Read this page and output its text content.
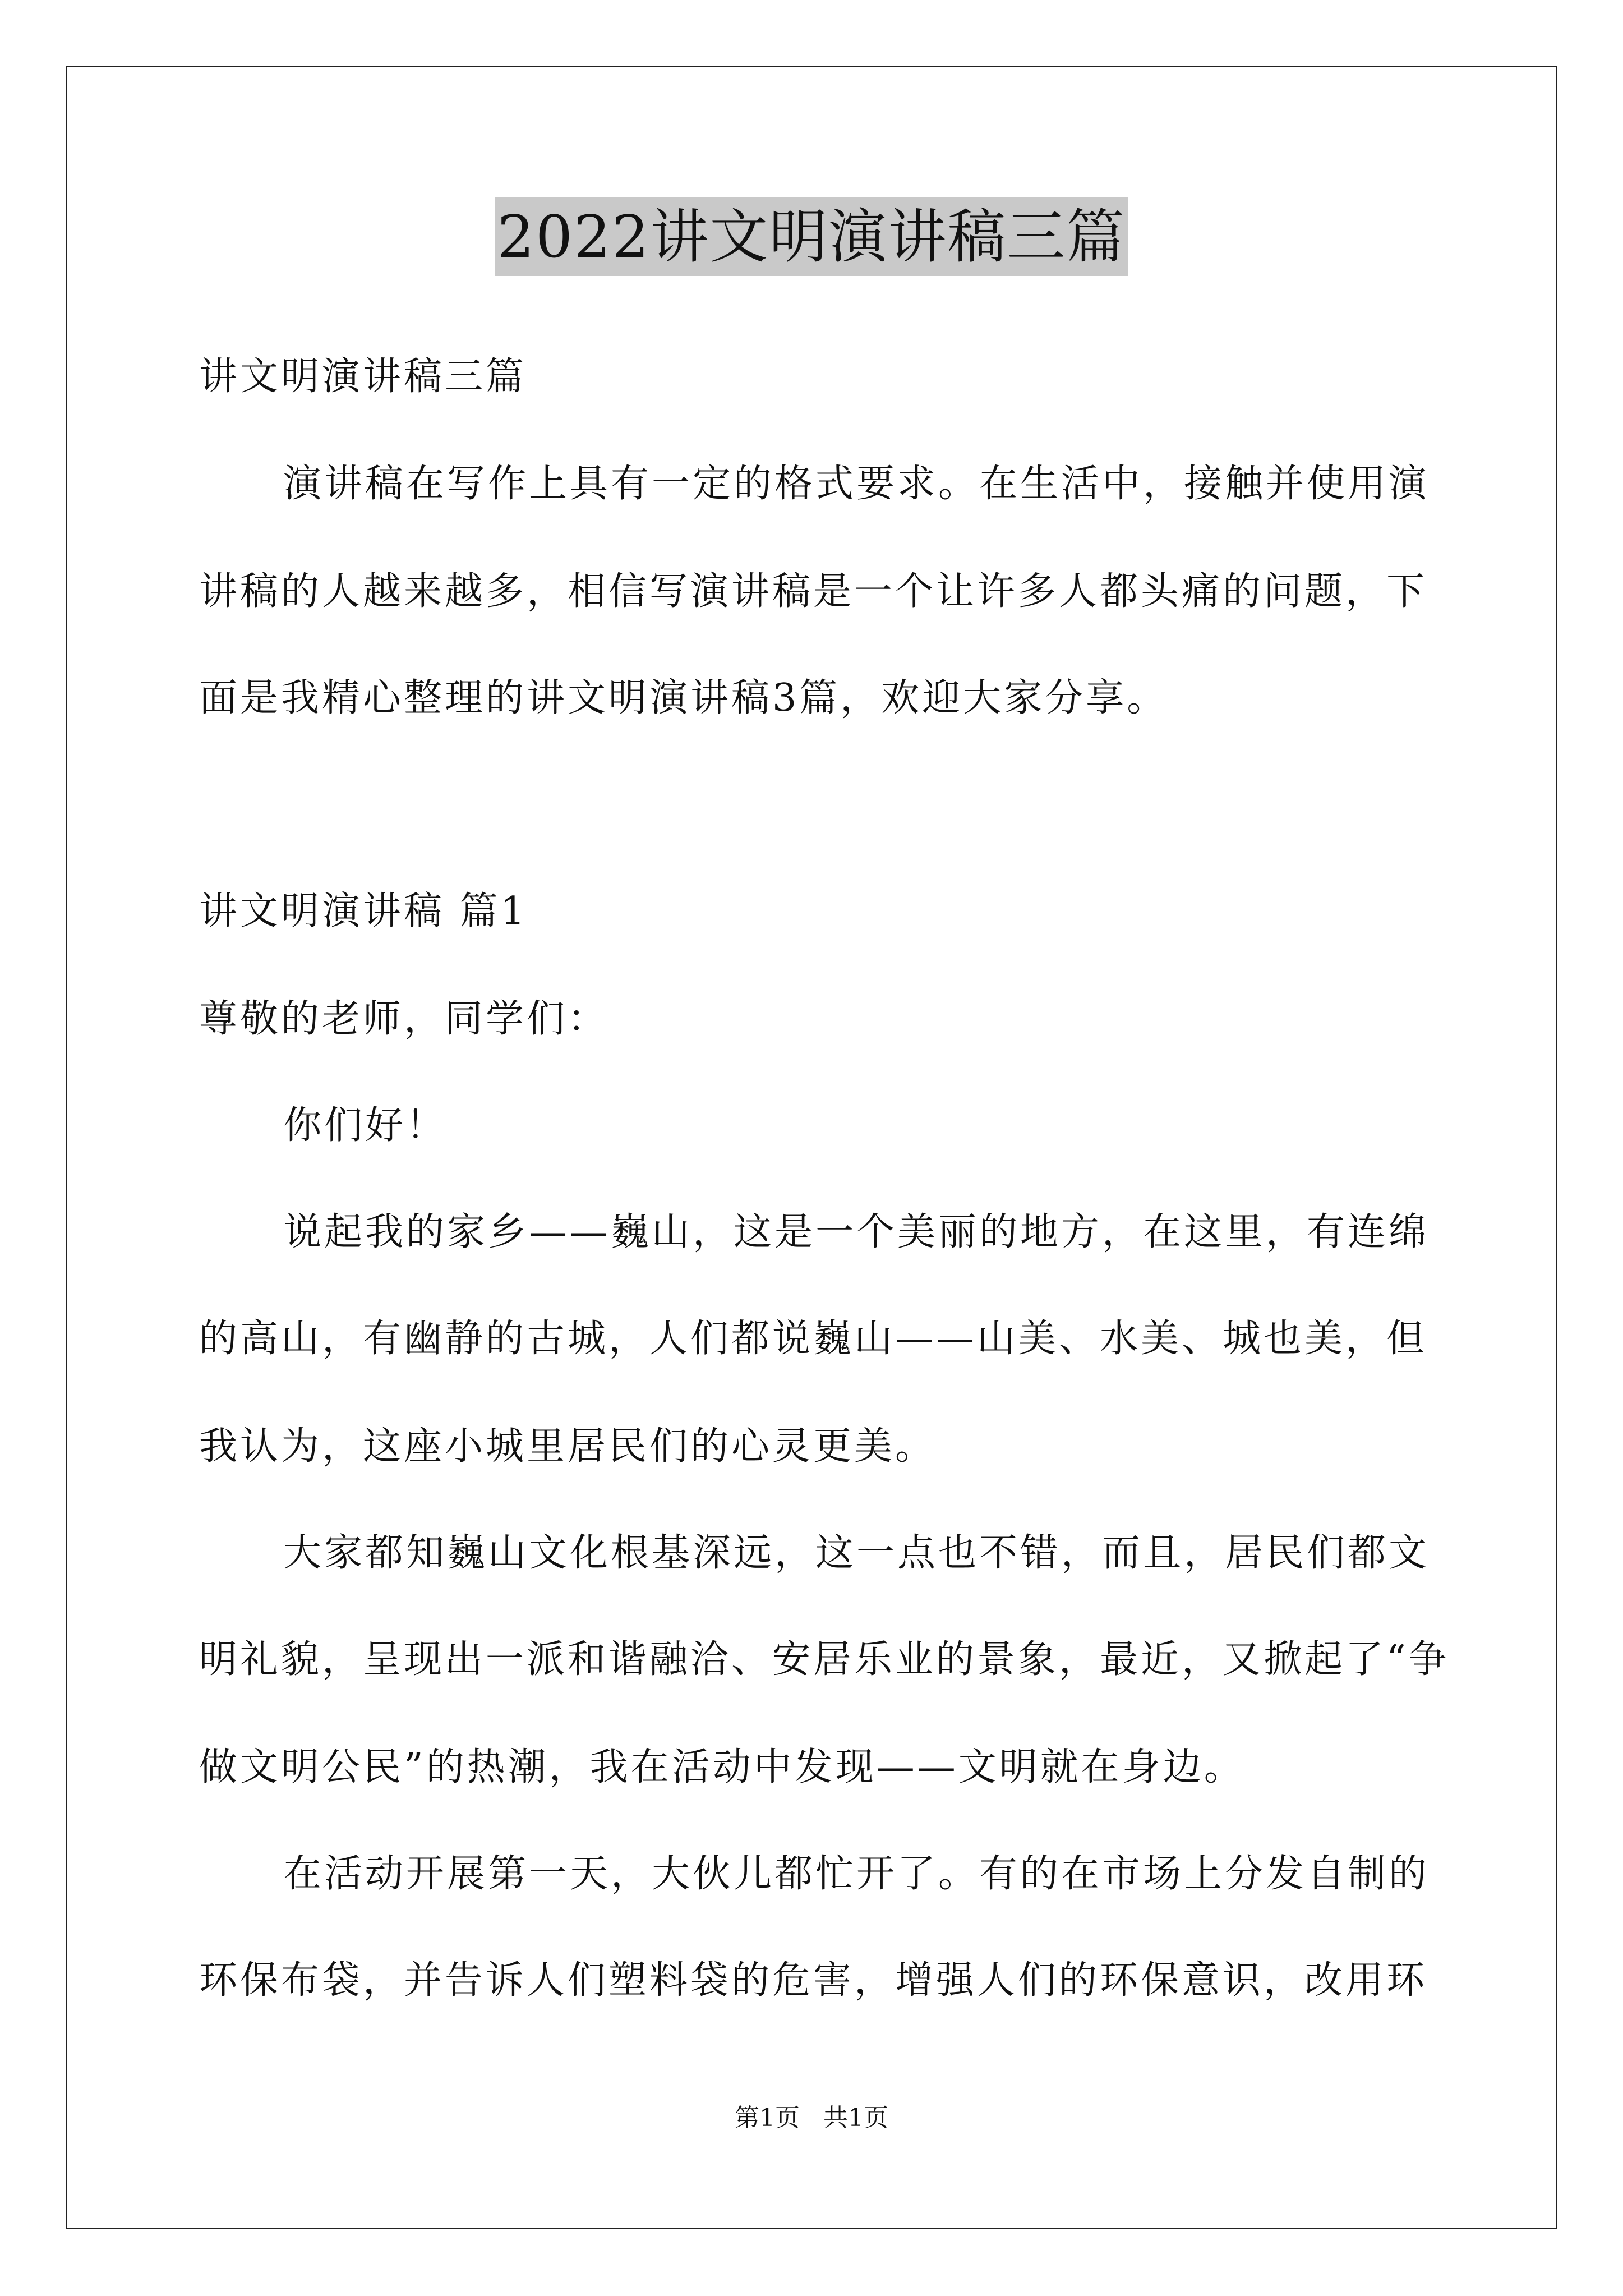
2022讲文明演讲稿三篇
讲文明演讲稿三篇
演讲稿在写作上具有一定的格式要求。在生活中，接触并使用演
讲稿的人越来越多，相信写演讲稿是一个让许多人都头痛的问题，下
面是我精心整理的讲文明演讲稿3篇，欢迎大家分享。
讲文明演讲稿 篇1
尊敬的老师，同学们：
你们好！
说起我的家乡——巍山，这是一个美丽的地方，在这里，有连绵
的高山，有幽静的古城，人们都说巍山——山美、水美、城也美，但
我认为，这座小城里居民们的心灵更美。
大家都知巍山文化根基深远，这一点也不错，而且，居民们都文
明礼貌，呈现出一派和谐融洽、安居乐业的景象，最近，又掀起了“争
做文明公民”的热潮，我在活动中发现——文明就在身边。
在活动开展第一天，大伙儿都忙开了。有的在市场上分发自制的
环保布袋，并告诉人们塑料袋的危害，增强人们的环保意识，改用环
第1页   共1页
